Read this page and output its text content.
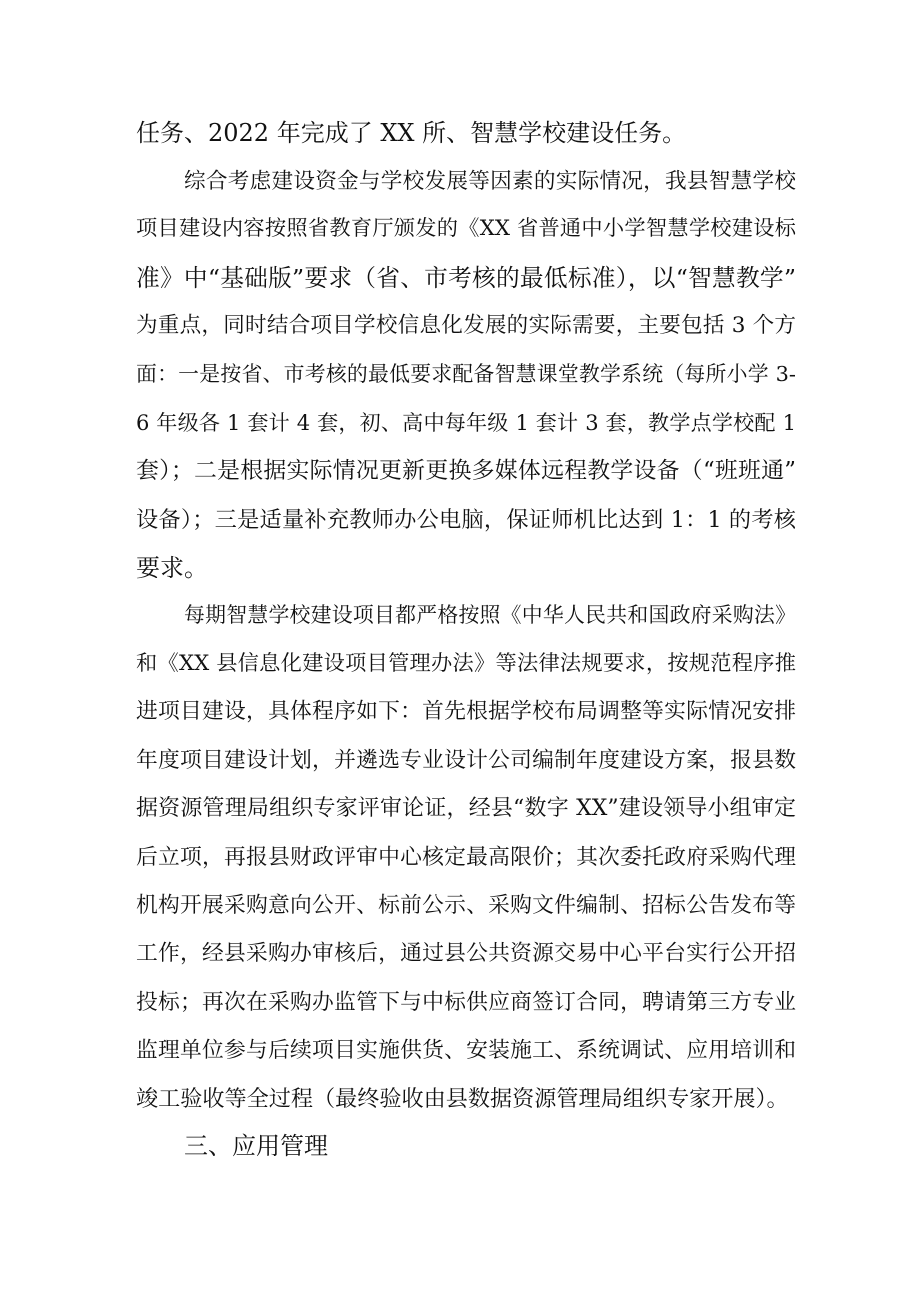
任务、2022 年完成了 XX 所、智慧学校建设任务。
综合考虑建设资金与学校发展等因素的实际情况，我县智慧学校
项目建设内容按照省教育厅颁发的《XX 省普通中小学智慧学校建设标
准》中“基础版”要求（省、市考核的最低标准），以“智慧教学”
为重点，同时结合项目学校信息化发展的实际需要，主要包括 3 个方
面：一是按省、市考核的最低要求配备智慧课堂教学系统（每所小学 3-
6 年级各 1 套计 4 套，初、高中每年级 1 套计 3 套，教学点学校配 1
套）；二是根据实际情况更新更换多媒体远程教学设备（“班班通”
设备）；三是适量补充教师办公电脑，保证师机比达到 1：1 的考核
要求。
每期智慧学校建设项目都严格按照《中华人民共和国政府采购法》
和《XX 县信息化建设项目管理办法》等法律法规要求，按规范程序推
进项目建设，具体程序如下：首先根据学校布局调整等实际情况安排
年度项目建设计划，并遴选专业设计公司编制年度建设方案，报县数
据资源管理局组织专家评审论证，经县“数字 XX”建设领导小组审定
后立项，再报县财政评审中心核定最高限价；其次委托政府采购代理
机构开展采购意向公开、标前公示、采购文件编制、招标公告发布等
工作，经县采购办审核后，通过县公共资源交易中心平台实行公开招
投标；再次在采购办监管下与中标供应商签订合同，聘请第三方专业
监理单位参与后续项目实施供货、安装施工、系统调试、应用培训和
竣工验收等全过程（最终验收由县数据资源管理局组织专家开展）。
三、应用管理
